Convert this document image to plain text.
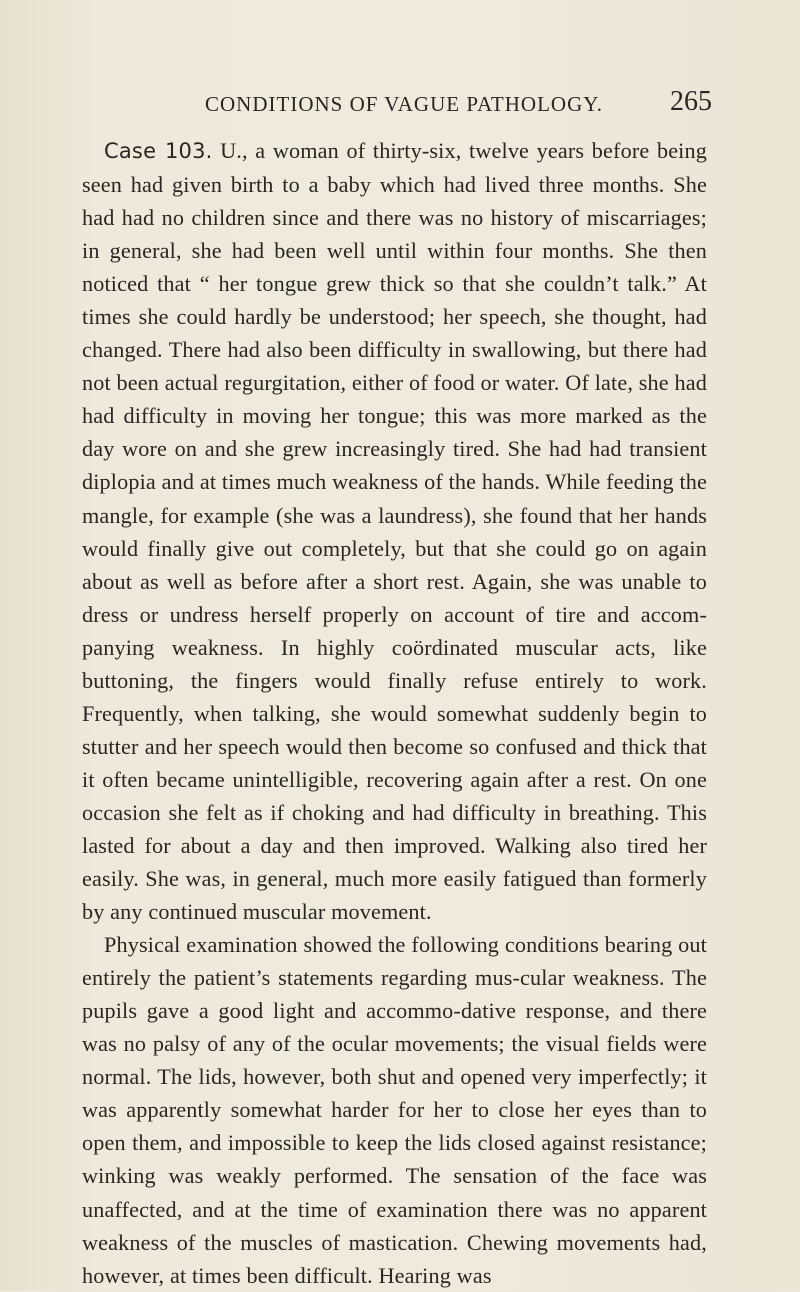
CONDITIONS OF VAGUE PATHOLOGY. 265

Case 103. U., a woman of thirty-six, twelve years before being seen had given birth to a baby which had lived three months. She had had no children since and there was no history of miscarriages; in general, she had been well until within four months. She then noticed that “ her tongue grew thick so that she couldn’t talk.” At times she could hardly be understood; her speech, she thought, had changed. There had also been difficulty in swallowing, but there had not been actual regurgitation, either of food or water. Of late, she had had difficulty in moving her tongue; this was more marked as the day wore on and she grew increasingly tired. She had had transient diplopia and at times much weakness of the hands. While feeding the mangle, for example (she was a laundress), she found that her hands would finally give out completely, but that she could go on again about as well as before after a short rest. Again, she was unable to dress or undress herself properly on account of tire and accom-panying weakness. In highly coördinated muscular acts, like buttoning, the fingers would finally refuse entirely to work. Frequently, when talking, she would somewhat suddenly begin to stutter and her speech would then become so confused and thick that it often became unintelligible, recovering again after a rest. On one occasion she felt as if choking and had difficulty in breathing. This lasted for about a day and then improved. Walking also tired her easily. She was, in general, much more easily fatigued than formerly by any continued muscular movement.

Physical examination showed the following conditions bearing out entirely the patient’s statements regarding mus-cular weakness. The pupils gave a good light and accommo-dative response, and there was no palsy of any of the ocular movements; the visual fields were normal. The lids, however, both shut and opened very imperfectly; it was apparently somewhat harder for her to close her eyes than to open them, and impossible to keep the lids closed against resistance; winking was weakly performed. The sensation of the face was unaffected, and at the time of examination there was no apparent weakness of the muscles of mastication. Chewing movements had, however, at times been difficult. Hearing was
